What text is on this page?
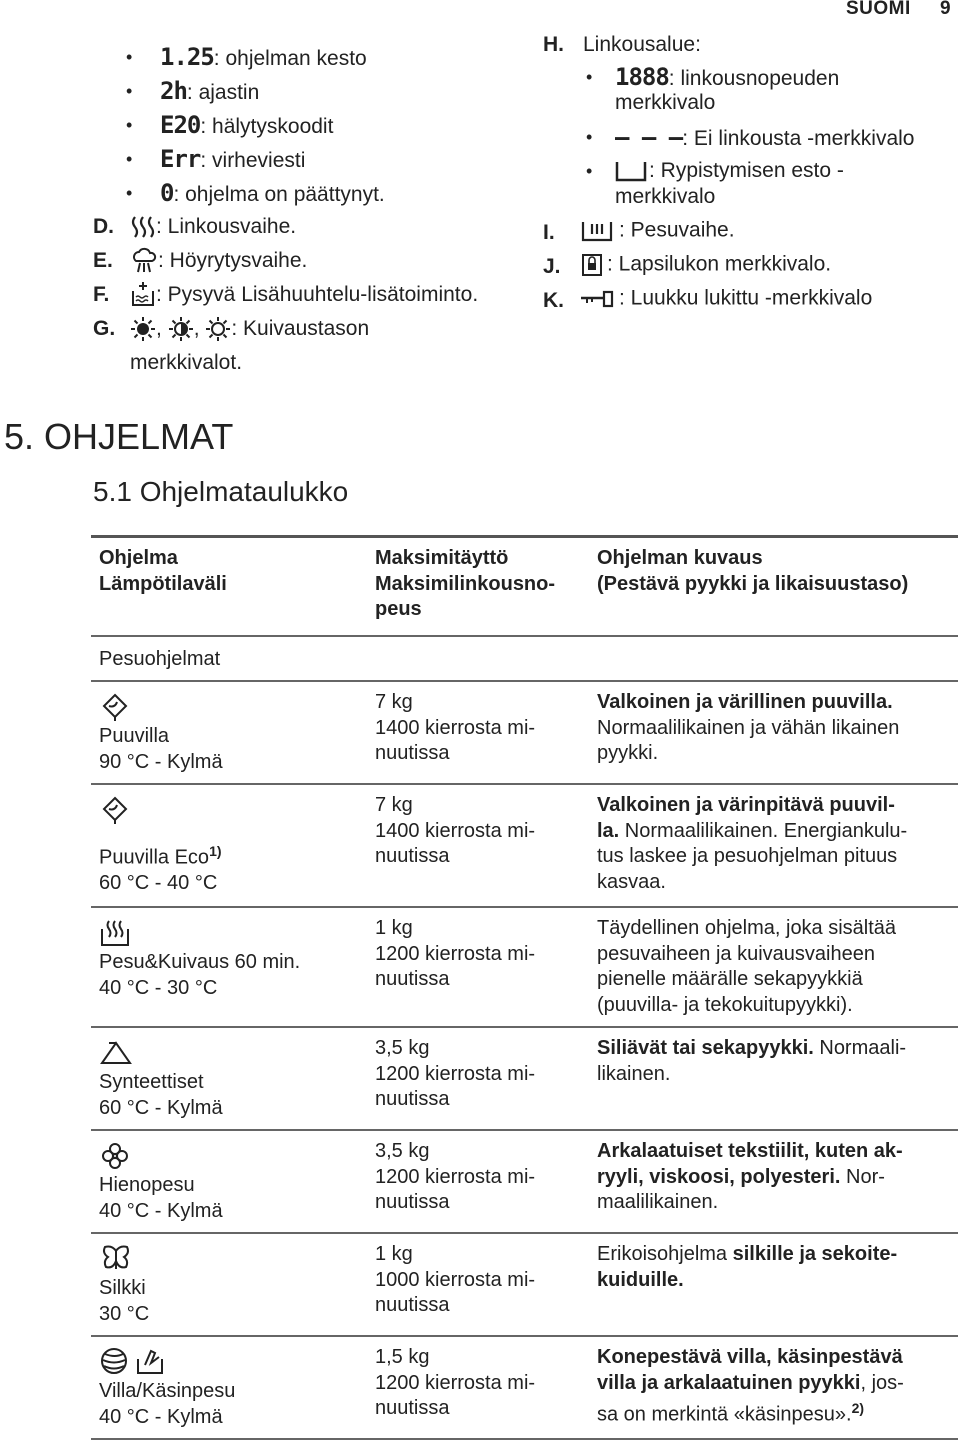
SUOMI 9
• 1.25: ohjelman kesto
• 2h: ajastin
• E20: hälytyskoodit
• Err: virheviesti
• 0: ohjelma on päättynyt.
D.	: Linkousvaihe.
E.	: Höyrytysvaihe.
F.	: Pysyvä Lisähuuhtelu-lisätoiminto.
G.	, , : Kuivaustason
merkkivalot.
H. Linkousalue:
• 1888: linkousnopeuden
merkkivalo
• – – –: Ei linkousta -merkkivalo
•	: Rypistymisen esto -
merkkivalo
I.	: Pesuvaihe.
J.	: Lapsilukon merkkivalo.
K.	: Luukku lukittu -merkkivalo
5. OHJELMAT
5.1 Ohjelmataulukko
Ohjelma
Lämpötilaväli	Maksimitäyttö
Maksimilinkousno-
peus	Ohjelman kuvaus
(Pestävä pyykki ja likaisuustaso)
Pesuohjelmat		

Puuvilla
90 °C - Kylmä	7 kg
1400 kierrosta mi-
nuutissa	Valkoinen ja värillinen puuvilla.
Normaalilikainen ja vähän likainen
pyykki.

Puuvilla Eco$^{1)}$
60 °C - 40 °C	7 kg
1400 kierrosta mi-
nuutissa	Valkoinen ja värinpitävä puuvil-
la. Normaalilikainen. Energiankulu-
tus laskee ja pesuohjelman pituus
kasvaa.

Pesu&Kuivaus 60 min.
40 °C - 30 °C	1 kg
1200 kierrosta mi-
nuutissa	Täydellinen ohjelma, joka sisältää
pesuvaiheen ja kuivausvaiheen
pienelle määrälle sekapyykkiä
(puuvilla- ja tekokuitupyykki).

Synteettiset
60 °C - Kylmä	3,5 kg
1200 kierrosta mi-
nuutissa	Siliävät tai sekapyykki. Normaali-
likainen.

Hienopesu
40 °C - Kylmä	3,5 kg
1200 kierrosta mi-
nuutissa	Arkalaatuiset tekstiilit, kuten ak-
ryyli, viskoosi, polyesteri. Nor-
maalilikainen.

Silkki
30 °C	1 kg
1000 kierrosta mi-
nuutissa	Erikoisohjelma silkille ja sekoite-
kuiduille.

Villa/Käsinpesu
40 °C - Kylmä	1,5 kg
1200 kierrosta mi-
nuutissa	Konepestävä villa, käsinpestävä
villa ja arkalaatuinen pyykki, jos-
sa on merkintä «käsinpesu».$^{2)}$
